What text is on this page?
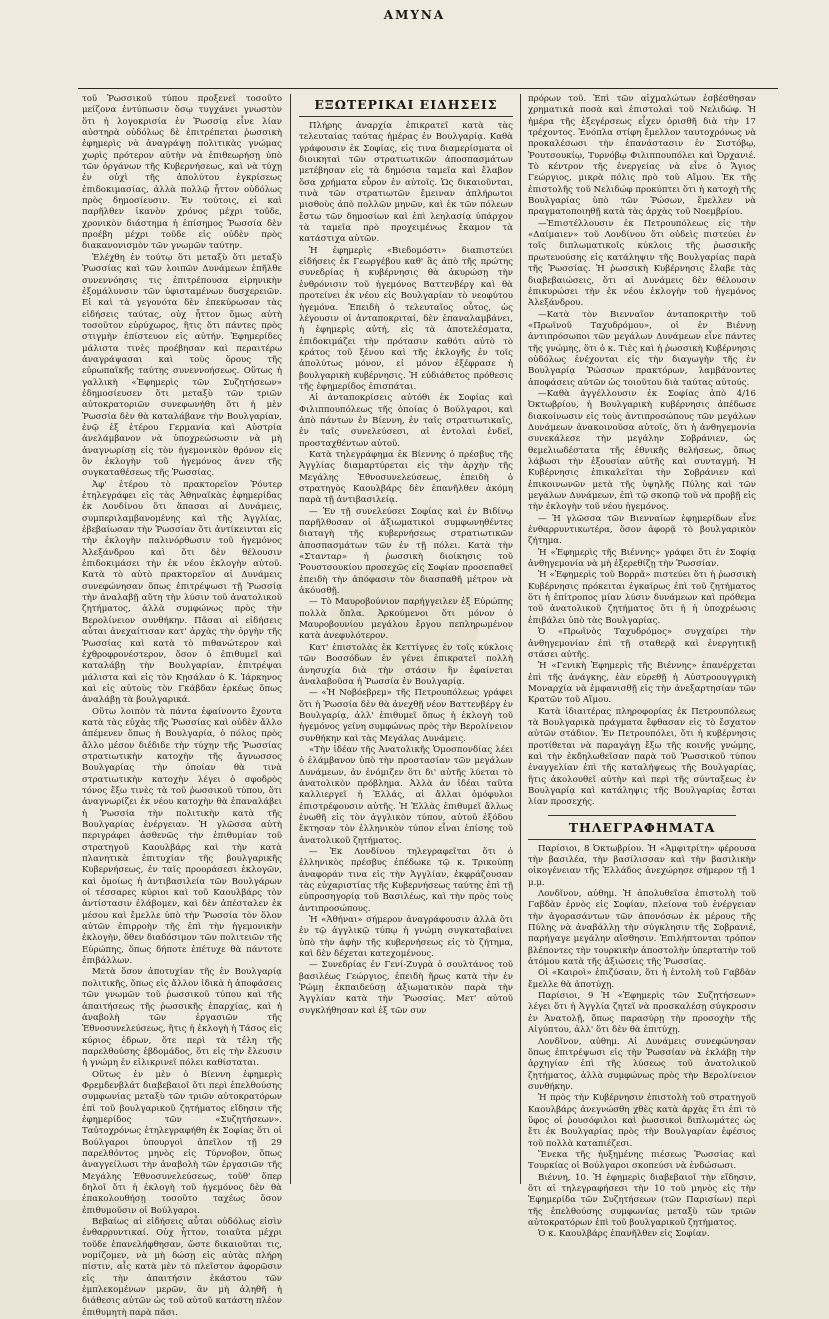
ΑΜΥΝΑ

τοῦ Ῥωσσικοῦ τύπου προξενεῖ τοσοῦτο μείζονα ἐντύπωσιν ὅσῳ τυγχάνει γνωστὸν ὅτι ἡ λογοκρισία ἐν Ῥωσσίᾳ εἶνε λίαν αὐστηρὰ οὐδόλως δὲ ἐπιτρέπεται ῥωσσικὴ ἐφημερὶς νὰ ἀναγράψῃ πολιτικὰς γνώμας χωρὶς πρότερον αὐτὴν νὰ ἐπιθεωρήσῃ ὑπὸ τῶν ὀργάνων τῆς Κυβερνήσεως, καὶ νὰ τύχῃ ἐν οὐχὶ τῆς ἀπολύτου ἐγκρίσεως ἐπιδοκιμασίας, ἀλλὰ πολλῷ ἧττον οὐδόλως πρὸς δημοσίευσιν. Ἐν τούτοις, εἰ καὶ παρῆλθεν ἱκανὸν χρόνος μέχρι τοῦδε, χρονικὸν διάστημα ἡ ἐπίσημος Ῥωσσία δὲν προέβη μέχρι τοῦδε εἰς οὐδὲν πρὸς διακανονισμὸν τῶν γνωμῶν ταύτην.

Ἐλέχθη ἐν τούτῳ ὅτι μεταξὺ ὅτι μεταξὺ Ῥωσσίας καὶ τῶν λοιπῶν Δυνάμεων ἐπῆλθε συνεννόησις τις ἐπιτρέπουσα εἰρηνικὴν ἐξομάλυνσιν τῶν ὑφισταμένων δυσχερειῶν. Εἰ καὶ τὰ γεγονότα δὲν ἐπεκύρωσαν τὰς εἰδήσεις ταύτας, οὐχ ἧττον ὅμως αὐτὴ τοσοῦτον εὐρύχωρος, ἣτις ὅτι πάντες πρὸς στιγμὴν ἐπίστευον εἰς αὐτήν. Ἐφημερίδες μάλιστα τινὲς προέβησαν καὶ περαιτέρω ἀναγράψασαι καὶ τοὺς ὅρους τῆς εὐρωπαϊκῆς ταύτης συνεννοήσεως. Οὕτως ἡ γαλλικὴ «Ἐφημερὶς τῶν Συζητήσεων» ἐδημοσίευσεν ὅτι μεταξὺ τῶν τριῶν αὐτοκρατοριῶν συνεφωνήθη ὅτι ἡ μὲν Ῥωσσία δὲν θὰ καταλάβανε τὴν Βουλγαρίαν, ἐνῷ ἐξ ἑτέρου Γερμανία καὶ Αὐστρία ἀνελάμβανον νὰ ὑποχρεώσωσιν νὰ μὴ ἀναγνωρίσῃ εἰς τὸν ἡγεμονικὸν θρόνον εἰς ὃν ἐκλογὴν τοῦ ἡγεμόνος ἀνεν τῆς συγκαταθέσεως τῆς Ῥωσσίας.

Ἀφ' ἑτέρου τὸ πρακτορεῖον Ῥόυτερ ἐτηλεγράφει εἰς τὰς Ἀθηναϊκὰς ἐφημερίδας ἐκ Λονδίνου ὅτι ἅπασαι αἱ Δυνάμεις, συμπεριλαμβανομένης καὶ τῆς Ἀγγλίας, ἐβεβαίωσαν τὴν Ῥωσσίαν ὅτι ἀντίκεινται εἰς τὴν ἐκλογὴν παλινόρθωσιν τοῦ ἡγεμόνος Ἀλεξάνδρου καὶ ὅτι δὲν θέλουσιν ἐπιδοκιμάσει τὴν ἐκ νέου ἐκλογὴν αὐτοῦ. Κατὰ τὸ αὐτὸ πρακτορεῖον αἱ Δυνάμεις συνεφώνησαν ὅπως ἐπιτρέψωσι τῇ Ῥωσσίᾳ τὴν ἀναλαβῇ αὕτη τὴν λύσιν τοῦ ἀνατολικοῦ ζητήματος, ἀλλὰ συμφώνως πρὸς τὴν Βερολίνειον συνθήκην. Πᾶσαι αἱ εἰδήσεις αὗται ἀνεχαίτισαν κατ' ἀρχὰς τὴν ὀργὴν τῆς Ῥωσσίας καὶ κατὰ τὸ πιθανώτερον καὶ ἐχθροφρονέστερον, ὅσον ὁ ἐπιθυμεῖ καὶ καταλάβῃ τὴν Βουλγαρίαν, ἐπιτρέψαι μάλιστα καὶ εἰς τὸν Κῃσάλαν ὁ Κ. Ἰάρκηνος καὶ εἰς αὐτοὺς τὸν Γκάβδαν ἐρκέως ὅπως ἀναλάβῃ τὰ βουλγαρικά.

Οὕτω λοιπὸν τὰ πάντα ἐφαίνοντο ἔχοντα κατὰ τὰς εὐχὰς τῆς Ῥωσσίας καὶ οὐδὲν ἄλλο ἀπέμενεν ὅπως ἡ Βουλγαρία, ὁ πόλος πρὸς ἄλλο μέσον διέδιδε τὴν τύχην τῆς Ῥωσσίας στρατιωτικὴν κατοχὴν τῆς ἄγνωσσος Βουλγαρίας τὴν ὁποίαν θὰ τινὰ στρατιωτικὴν κατοχὴν λέγει ὁ σφοδρὸς τόνος ἔξω τινὲς τὰ τοῦ ῥωσσικοῦ τύπου, ὅτι ἀναγνωρίζει ἐκ νέου κατοχὴν θὰ ἐπαναλάβει ἡ Ῥωσσία τὴν πολιτικὴν κατὰ τῆς Βουλγαρίας ἐνέργειαν. Ἡ γλῶσσα αὐτὴ περιγράφει ἀσθενῶς τὴν ἐπιθυμίαν τοῦ στρατηγοῦ Καουλβάρς καὶ τὴν κατὰ πλανητικὰ ἐπιτυχίαν τῆς βουλγαρικῆς Κυβερνήσεως, ἐν ταῖς προοράσεσι ἐκλογῶν, καὶ ὁμοίως ἡ ἀντιβασιλεία τῶν Βουλγάρων οἱ τέσσαρες κύριοι καὶ τοῦ Καουλβάρς τὸν ἀντίστασιν ἐλάβομεν, καὶ δὲν ἀπέσταλεν ἐκ μέσου καὶ ἔμελλε ὑπὸ τὴν Ῥωσσία τὸν ὅλον αὐτῶν ἐπιρροὴν τῆς ἐπὶ τὴν ἡγεμονικὴν ἐκλογὴν, ὅθεν διαδόσιμον τῶν πολιτειῶν τῆς Εὐρώπης, ὅπως δήποτε ἐπέτυχε θὰ πάντοτε ἐπιβάλλων.

Μετὰ ὅσον ἀποτυχίαν τῆς ἐν Βουλγαρίᾳ πολιτικῆς, ὅπως εἰς ἄλλον ἰδικὰ ἡ ἀποφάσεις τῶν γνωμῶν τοῦ ῥωσσικοῦ τύπου καὶ τῆς ἀπαιτήσεως τῆς ῥωσσικῆς ἐπαρχίας, καὶ ἡ ἀναβολὴ τῶν ἐργασιῶν τῆς Ἐθνοσυνελεύσεως, ἣτις ἡ ἐκλογὴ ἡ Τάσος εἰς κύριος ἐδρων, ὅτε περὶ τὰ τέλη τῆς παρελθούσης ἑβδομάδος, ὅτι εἰς τὴν ἔλευσιν ἡ γνώμη ἐν εἰλικρινεῖ πόλει καθίσταται.

Οὕτως ἐν μὲν ὁ Βίεννη ἐφημερὶς Φρεμδενβλάτ διαβεβαιοῖ ὅτι περὶ ἐπελθούσης συμφωνίας μεταξὺ τῶν τριῶν αὐτοκρατόρων ἐπὶ τοῦ βουλγαρικοῦ ζητήματος εἴδησιν τῆς ἐφημερίδος τῶν «Συζητήσεων». Ταὐτοχρόνως ἐτηλεγραφήθη ἐκ Σοφίας ὅτι οἱ Βούλγαροι ὑπουργοὶ ἀπεῖλον τῇ 29 παρελθόντος μηνὸς εἰς Τύρνοβον, ὅπως ἀναγγείλωσι τὴν ἀναβολὴ τῶν ἐργασιῶν τῆς Μεγάλης Ἐθνοσυνελεύσεως, τοῦθ' ὅπερ δηλοῖ ὅτι ἡ ἐκλογὴ τοῦ ἡγεμόνος δὲν θὰ ἐπακολουθήσῃ τοσοῦτο ταχέως ὅσον ἐπιθυμοῦσιν οἱ Βούλγαροι.

Βεβαίως αἱ εἰδήσεις αὗται οὐδόλως εἰσὶν ἐνθαρρυντικαί. Οὐχ ἧττον, τοιαῦτα μέχρι τοῦδε ἐπανελήφθησαν, ὥστε δικαιοῦται τις, νομίζομεν, νὰ μὴ δώσῃ εἰς αὐτὰς πλήρη πίστιν, αἷς κατὰ μὲν τὸ πλεῖστον ἀφορῶσιν εἰς τὴν ἀπαιτήσιν ἑκάστου τῶν ἐμπλεκομένων μερῶν, ἂν μὴ ἀληθῆ ἡ διάθεσις αὐτῶν ὡς τοῦ αὐτοῦ κατάστη πλέον ἐπιθυμητὴ παρὰ πᾶσι.

ΕΞΩΤΕΡΙΚΑΙ ΕΙΔΗΣΕΙΣ

Πλήρης ἀναρχία ἐπικρατεῖ κατὰ τὰς τελευταίας ταύτας ἡμέρας ἐν Βουλγαρίᾳ. Καθὰ γράφουσιν ἐκ Σοφίας, εἰς τινα διαμερίσματα οἱ διοικηταὶ τῶν στρατιωτικῶν ἀποσπασμάτων μετέβησαν εἰς τὰ δημόσια ταμεῖα καὶ ἔλαβον ὅσα χρήματα εὗρον ἐν αὐτοῖς. Ὡς δικαιοῦνται, τινὰ τῶν στρατιωτῶν ἔμειναν ἀπλήρωτοι μισθοὺς ἀπὸ πολλῶν μηνῶν, καὶ ἐκ τῶν πόλεων ἔστω τῶν δημοσίων καὶ ἐπὶ λεηλασίᾳ ὑπάρχον τὰ ταμεῖα πρὸ προχειμένως ἔκαμον τὰ κατάστιχα αὐτῶν.

Ἡ ἐφημερὶς «Βιεδομόστι» διαπιστεύει εἰδήσεις ἐκ Γεωργέβου καθ' ἃς ἀπὸ τῆς πρώτης συνεδρίας ἡ κυβέρνησις θὰ ἀκυρώσῃ τὴν ἐνθρόνισιν τοῦ ἡγεμόνος Βαττενβέργ καὶ θὰ προτείνει ἐκ νέου εἰς Βουλγαρίαν τὸ νεοφύτου ἡγεμόνα. Ἐπειδὴ ὁ τελευταῖος οὗτος, ὡς λέγουσιν οἱ ἀνταποκριταί, δὲν ἐπαναλαμβάνει, ἡ ἐφημερὶς αὐτή, εἰς τὰ ἀποτελέσματα, ἐπιδοκιμάζει τὴν πρότασιν καθότι αὐτὸ τὸ κράτος τοῦ ξένου καὶ τῆς ἐκλογῆς ἐν τοῖς ἀπολύτως μόνον, εἰ μόνον ἐξέφρασε ἡ βουλγαρικὴ κυβέρνησις. Ἡ εὐδιάθετος πρόθεσις τῆς ἐφημερίδος ἐπισπάται.

Αἱ ἀνταποκρίσεις αὐτόθι ἐκ Σοφίας καὶ Φιλιππουπόλεως τῆς ὁποίας ὁ Βούλγαροι, καὶ ἀπὸ πάντων ἐν Βίεννη, ἐν ταῖς στρατιωτικαῖς, ἐν ταῖς συνελεύσεσι, αἱ ἐντολαὶ ἐνδεῖ, προσταχθέντων αὐτοῦ.

Κατὰ τηλεγράφημα ἐκ Βίεννης ὁ πρέσβυς τῆς Ἀγγλίας διαμαρτύρεται εἰς τὴν ἀρχὴν τῆς Μεγάλης Ἐθνοσυνελεύσεως, ἐπειδὴ ὁ στρατηγὸς Καουλβάρς δὲν ἐπανῆλθεν ἀκόμη παρὰ τῇ ἀντιβασιλείᾳ.

— Ἐν τῇ συνελεύσει Σοφίας καὶ ἐν Βιδίνῳ παρῆλθοσαν οἱ ἀξιωματικοὶ συμφωνηθέντες διαταγὴ τῆς κυβερνήσεως στρατιωτικῶν ἀποσπασμάτων τῶν ἐν τῇ πόλει. Κατὰ τὴν «Στανταρ» ἡ ῥωσσικὴ διοίκησις τοῦ Ῥουστσουκίου προσεχῶς εἰς Σοφίαν προσεπαθεῖ ἐπειδὴ τὴν ἀπόφασιν τὸν διασπαθῆ μέτρον νὰ ἀκόυσθῇ.

— Τὸ Μαυροβούνιον παρήγγειλεν ἐξ Εὐρώπης πολλὰ ὅπλα. Ἀρκούμενοι ὅτι μόνον ὁ Μαυροβουνίου μεγάλου ἔργου πεπληρωμένον κατὰ ἀνεφυλότερον.

Κατ' ἐπιστολὰς ἐκ Κεττίγνες ἐν τοῖς κύκλοις τῶν Βοσσόδων ἐν γένει ἐπικρατεῖ πολλὴ ἀνησυχία διὰ τὴν στάσιν ἣν ἐφαίνεται ἀναλαβοῦσα ἡ Ῥωσσία ἐν Βουλγαρίᾳ.

— «Ἡ Νοβόεβρεμ» τῆς Πετρουπόλεως γράφει ὅτι ἡ Ῥωσσία δὲν θὰ ἀνεχθῇ νέον Βαττενβέργ ἐν Βουλγαρίᾳ, ἀλλ' ἐπιθυμεῖ ὅπως ἡ ἐκλογὴ τοῦ ἡγεμόνος γείνη συμφώνως πρὸς τὴν Βερολίνειον συνθήκην καὶ τὰς Μεγάλας Δυνάμεις.

«Τὴν ἰδέαν τῆς Ἀνατολικῆς Ὁμοσπονδίας λέει ὁ ἐλάμβανον ὑπὸ τὴν προστασίαν τῶν μεγάλων Δυνάμεων, ἀν ἐνόμιζεν ὅτι δι' αὐτῆς λύεται τὸ ἀνατολικὸν πρόβλημα. Ἀλλὰ ἀν ἰδέαι ταῦτα καλλιεργεῖ ἡ Ἑλλάς, αἱ ἄλλαι ὁμόφυλοι ἐπιστρέφουσιν αὐτῆς. Ἡ Ἑλλὰς ἐπιθυμεῖ ἄλλως ἑνωθῆ εἰς τὸν ἀγγλικὸν τύπον, αὐτοῦ ἐξόδου ἔκτησαν τὸν ἑλληνικὸν τύπον εἶναι ἐπίσης τοῦ ἀνατολικοῦ ζητήματος.

— Ἐκ Λονδίνου τηλεγραφεῖται ὅτι ὁ ἐλληνικὸς πρέσβυς ἐπέδωκε τῷ κ. Τρικούπῃ ἀναφοράν τινα εἰς τὴν Ἀγγλίαν, ἐκφράζουσαν τὰς εὐχαριστίας τῆς Κυβερνήσεως ταύτης ἐπὶ τῇ εὐπροσηγορίᾳ τοῦ Βασιλέως, καὶ τὴν πρὸς τοὺς ἀντιπροσώπους.

Ἡ «Ἀθήναι» σήμερον ἀναγράφουσιν ἀλλὰ ὅτι ἐν τῷ ἀγγλικῷ τύπῳ ἡ γνώμη συγκαταβαίνει ὑπὸ τὴν ἀφὴν τῆς κυβερνήσεως εἰς τὸ ζήτημα, καὶ δὲν δέχεται κατεχομένους.

— Συνεδρίας ἐν Γενί-Ζυγρὰ ὁ σουλτάνος τοῦ βασιλέως Γεώργιος, ἐπειδὴ ἥρως κατὰ τὴν ἐν Ῥώμῃ ἐκπαιδεύσῃ ἀξιωματικὸν παρὰ τὴν Ἀγγλίαν κατὰ τὴν Ῥωσσίας. Μετ' αὐτοῦ συγκλήθησαν καὶ ἐξ τῶν συν

πρόρων τοῦ. Ἐπὶ τῶν αἰχμαλώτων ἐσβέσθησαν χρηματικὰ ποσὰ καὶ ἐπιστολαὶ τοῦ Νελιδώφ. Ἡ ἡμέρα τῆς ἐξεγέρσεως εἶχεν ὁρισθῆ διὰ τὴν 17 τρέχοντος. Ἐνόπλα στίφη ἔμελλον ταυτοχρόνως νὰ προκαλέσωσι τὴν ἐπανάστασιν ἐν Σιστόβῳ, Ῥουτσουκίῳ, Τυρνόβῳ Φιλιππουπόλει καὶ Ὀρχανιέ. Τὸ κέντρον τῆς ἐνεργείας νὰ εἶνε ὁ Ἅγιος Γεώργιος, μικρὰ πόλις πρὸ τοῦ Αἴμου. Ἐκ τῆς ἐπιστολῆς τοῦ Νελιδώφ προκύπτει ὅτι ἡ κατοχὴ τῆς Βουλγαρίας ὑπὸ τῶν Ῥώσων, ἔμελλεν νὰ πραγματοποιηθῇ κατὰ τὰς ἀρχὰς τοῦ Νοεμβρίου.

—Ἐπιστέλλουσιν ἐκ Πετρουπόλεως εἰς τὴν «Δαίμαιεν» τοῦ Λονδίνου ὅτι οὐδεὶς πιστεύει ἐν τοῖς διπλωματικοῖς κύκλοις τῆς ῥωσσικῆς πρωτευούσης εἰς κατάληψιν τῆς Βουλγαρίας παρὰ τῆς Ῥωσσίας. Ἡ ῥωσσικὴ Κυβέρνησις ἔλαβε τὰς διαβεβαιώσεις, ὅτι αἱ Δυνάμεις δὲν θέλουσιν ἐπικυρώσει τὴν ἐκ νέου ἐκλογὴν τοῦ ἡγεμόνος Ἀλεξάνδρου.

—Κατὰ τὸν Βιενναῖον ἀνταποκριτὴν τοῦ «Πρωϊνοῦ Ταχυδρόμου», οἱ ἐν Βιέννῃ ἀντιπρόσωποι τῶν μεγάλων Δυνάμεων εἶνε πάντες τῆς γνώμης, ὅτι ὁ κ. Τιὲς καὶ ἡ ῥωσσικὴ Κυβέρνησις οὐδόλως ἐνέχονται εἰς τὴν διαγωγὴν τῆς ἐν Βουλγαρίᾳ Ῥώσσων πρακτόρων, λαμβάνοντες ἀποφάσεις αὐτῶν ὡς τοιοῦτου διὰ ταύτας αὐτούς.

—Καθὰ ἀγγέλλουσιν ἐκ Σοφίας ἀπὸ 4/16 Ὀκτωβρίου, ἡ Βουλγαρικὴ κυβέρνησις ἀπέδωσε διακοίνωσιν εἰς τοὺς ἀντιπροσώπους τῶν μεγάλων Δυνάμεων ἀνακοινοῦσα αὐτοῖς, ὅτι ἡ ἀνθηγεμονία συνεκάλεσε τὴν μεγάλην Σοβράνιεν, ὡς θεμελιωδέστατα τῆς ἐθνικῆς θελήσεως, ὅπως λάβωσι τὴν ἐξουσίαν αὐτῆς καὶ συνταγμή. Ἡ Κυβέρνησις ἐπικαλεῖται τὴν Σοβράνιεν καὶ ἐπικοινωνῶν μετὰ τῆς ὑψηλῆς Πύλης καὶ τῶν μεγάλων Δυνάμεων, ἐπὶ τῷ σκοπῷ τοῦ νὰ προβῇ εἰς τὴν ἐκλογὴν τοῦ νέου ἡγεμόνος.

— Ἡ γλῶσσα τῶν Βιενναίων ἐφημερίδων εἶνε ἐνθαρρυντικωτέρα, ὅσον ἀφορᾷ τὸ βουλγαρικὸν ζήτημα.

Ἡ «Ἐφημερὶς τῆς Βιέννης» γράφει ὅτι ἐν Σοφίᾳ ἀνθηγεμονία νὰ μὴ ἐξερεθίζῃ τὴν Ῥωσσίαν.

Ἡ «Ἐφημερὶς τοῦ Βορρᾶ» πιστεύει ὅτι ἡ ῥωσσικὴ Κυβέρνησις πρόκειται ἐγκαίρως ἐπὶ τοῦ ζητήματος ὅτι ἡ ἐπίτροπος μίαν λύσιν δυνάμεων καὶ πρόθεμα τοῦ ἀνατολικοῦ ζητήματος ὅτι ἡ ἡ ὑποχρέωσις ἐπιβάλει ὑπὸ τὰς Βουλγαρίας.

Ὁ «Πρωϊνὸς Ταχυδρόμος» συγχαίρει τὴν ἀνθηγεμονίαν ἐπὶ τῇ σταθερᾷ καὶ ἐνεργητικῇ στάσει αὐτῆς.

Ἡ «Γενικὴ Ἐφημερὶς τῆς Βιέννης» ἐπανέρχεται ἐπὶ τῆς ἀνάγκης, ἐὰν εὑρεθῇ ἡ Αὐστροουγγρικὴ Μοναρχία νὰ ἐμφανισθῇ εἰς τὴν ἀνεξαρτησίαν τῶν Κρατῶν τοῦ Αἵμου.

Κατὰ ἰδιαιτέρας πληροφορίας ἐκ Πετρουπόλεως τὰ Βουλγαρικὰ πράγματα ἔφθασαν εἰς τὸ ἔσχατον αὐτῶν στάδιον. Ἐν Πετρουπόλει, ὅτι ἡ κυβέρνησις προτίθεται νὰ παραγάγῃ ἔξω τῆς κοινῆς γνώμης, καὶ τὴν ἐκδηλωθεῖσαν παρὰ τοῦ Ῥωσσικοῦ τύπου ἐναγγελίαν ἐπὶ τῆς καταλήψεως τῆς Βουλγαρίας, ἥτις ἀκολουθεῖ αὐτὴν καὶ περὶ τῆς σύνταξεως ἐν Βουλγαρίᾳ καὶ κατάληψις τῆς Βουλγαρίας ἔσται λίαν προσεχής.

ΤΗΛΕΓΡΑΦΗΜΑΤΑ

Παρίσιοι, 8 Ὀκτωβρίου. Ἡ «Ἀμφιτρίτη» φέρουσα τὴν βασιλέα, τὴν βασίλισσαν καὶ τὴν βασιλικὴν οἰκογένειαν τῆς Ἑλλάδος ἀνεχώρησε σήμερον τῇ 1 μ.μ.

Λονδῖνον, αὐθημ. Ἡ ἀπολυθεῖσα ἐπιστολὴ τοῦ Γαβδὰν ἐρνὸς εἰς Σοφίαν, πλείονα τοῦ ἐνέργειαν τὴν ἀγορασάντων τῶν ἀπονόσων ἐκ μέρους τῆς Πύλης νὰ ἀναβάλλῃ τὴν σύγκλησιν τῆς Σοβρανιέ, παρήγαγε μεγάλην αἴσθησιν. Ἐπιλήπτονται τρόπον βλέποντες τὴν τουρκικὴν ἀποστολὴν ὑπερτατὴν τοῦ ἀτόμου κατὰ τῆς ἀξιώσεις τῆς Ῥωσσίας.

Οἱ «Καιροὶ» ἐπιζύσαιν, ὅτι ἡ ἐντολὴ τοῦ Γαβδὰν ἔμελλε θὰ ἀποτύχῃ.

Παρίσιοι, 9 Ἡ «Ἐφημερὶς τῶν Συζητήσεων» λέγει ὅτι ἡ Ἀγγλία ζητεῖ νὰ προσκαλέσῃ σύγκροσιν ἐν Ἀνατολῇ, ὅπως παρασύρῃ τὴν προσοχὴν τῆς Αἰγύπτου, ἀλλ' ὅτι δὲν θὰ ἐπιτύχῃ.

Λονδῖνον, αὐθημ. Αἱ Δυνάμεις συνεφώνησαν ὅπως ἐπιτρέψωσι εἰς τὴν Ῥωσσίαν νὰ ἐκλάβῃ τὴν ἀρχηγίαν ἐπὶ τῆς λύσεως τοῦ ἀνατολικοῦ ζητήματος, ἀλλὰ συμφώνως πρὸς τὴν Βερολίνειον συνθήκην.

Ἡ πρὸς τὴν Κυβέρνησιν ἐπιστολὴ τοῦ στρατηγοῦ Καουλβάρς ἀνεγνώσθη χθὲς κατὰ ἀρχὰς ἔτι ἐπὶ τὸ ὕφος οἱ ῥουσόφιλοι καὶ ῥωσσικοὶ διπλωμάτες ὡς ἔτι ἐκ Βουλγαρίας πρὸς τὴν Βουλγαρίαν ἐφέσιος τοῦ πολλὰ καταπιέζεσι.

Ἕνεκα τῆς ἠυξημένης πιέσεως Ῥωσσίας καὶ Τουρκίας οἱ Βούλγαροι σκοπεύσι νὰ ἐνδώσωσι.

Βιέννη, 10. Ἡ ἐφημερὶς διαβεβαιοῖ τὴν εἴδησιν, ὅτι αἱ τηλεγραφήσεσι τὴν 10 τοῦ μηνὸς εἰς τὴν Ἐφημερίδα τῶν Συζητήσεων (τῶν Παρισίων) περὶ τῆς ἐπελθούσης συμφωνίας μεταξὺ τῶν τριῶν αὐτοκρατόρων ἐπὶ τοῦ βουλγαρικοῦ ζητήματος.

Ὁ κ. Καουλβάρς ἐπανῆλθεν εἰς Σοφίαν.
